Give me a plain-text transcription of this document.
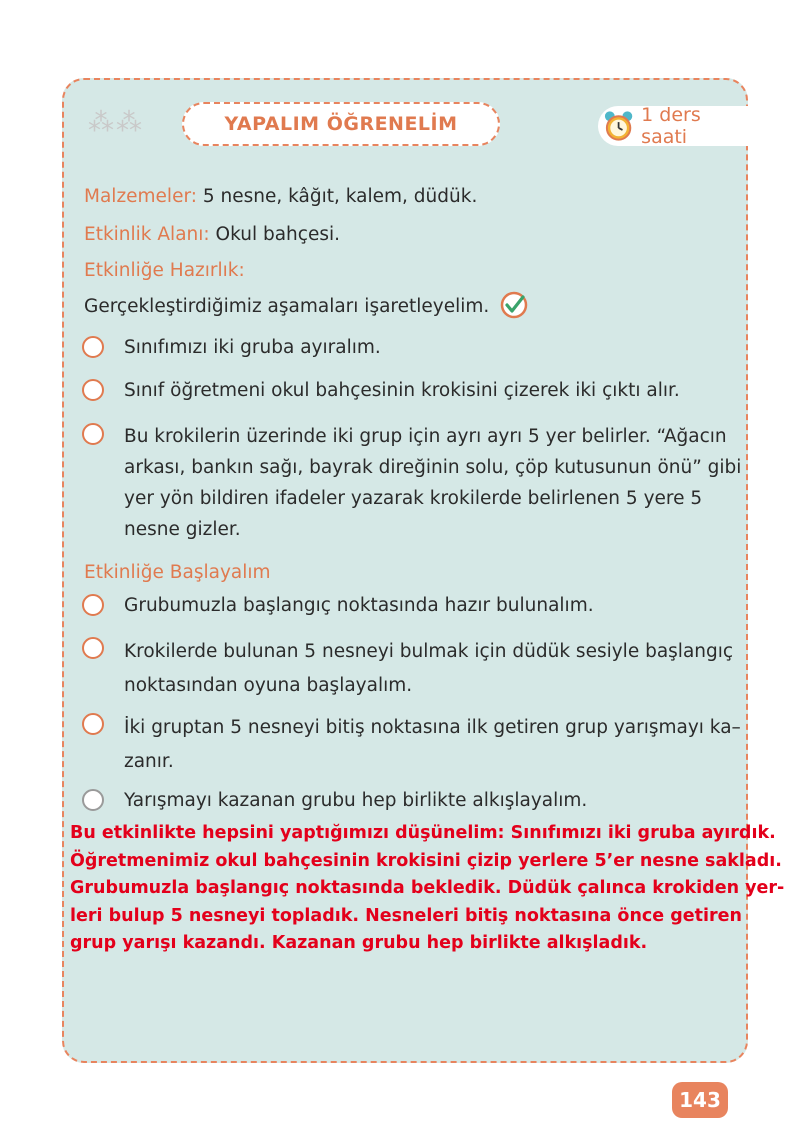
⁂⁂	YAPALIM ÖĞRENELİM	1 ders saati
Malzemeler: 5 nesne, kâğıt, kalem, düdük.
Etkinlik Alanı: Okul bahçesi.
Etkinliğe Hazırlık:
Gerçekleştirdiğimiz aşamaları işaretleyelim.
Sınıfımızı iki gruba ayıralım.
Sınıf öğretmeni okul bahçesinin krokisini çizerek iki çıktı alır.
Bu krokilerin üzerinde iki grup için ayrı ayrı 5 yer belirler. “Ağacın
arkası, bankın sağı, bayrak direğinin solu, çöp kutusunun önü” gibi
yer yön bildiren ifadeler yazarak krokilerde belirlenen 5 yere 5
nesne gizler.
Etkinliğe Başlayalım
Grubumuzla başlangıç noktasında hazır bulunalım.
Krokilerde bulunan 5 nesneyi bulmak için düdük sesiyle başlangıç
noktasından oyuna başlayalım.
İki gruptan 5 nesneyi bitiş noktasına ilk getiren grup yarışmayı ka–
zanır.
Yarışmayı kazanan grubu hep birlikte alkışlayalım.
Bu etkinlikte hepsini yaptığımızı düşünelim: Sınıfımızı iki gruba ayırdık.
Öğretmenimiz okul bahçesinin krokisini çizip yerlere 5’er nesne sakladı.
Grubumuzla başlangıç noktasında bekledik. Düdük çalınca krokiden yer-
leri bulup 5 nesneyi topladık. Nesneleri bitiş noktasına önce getiren
grup yarışı kazandı. Kazanan grubu hep birlikte alkışladık.
143
